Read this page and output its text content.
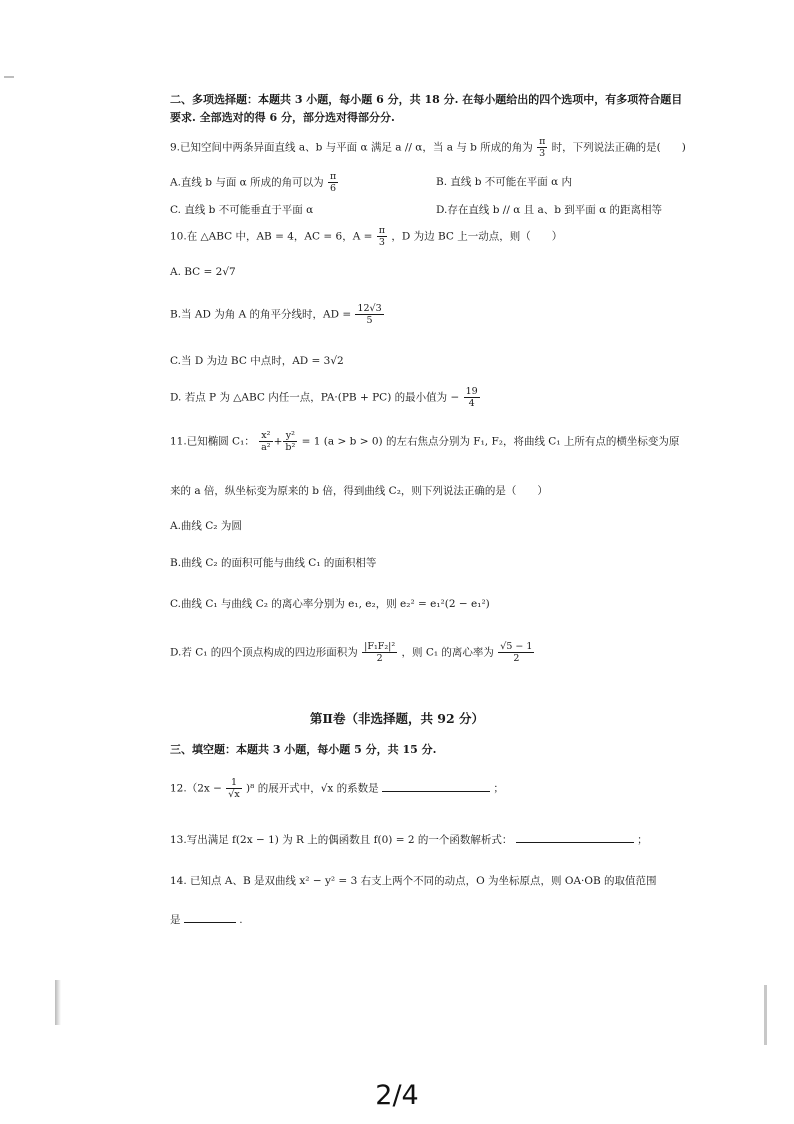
二、多项选择题：本题共 3 小题，每小题 6 分，共 18 分. 在每小题给出的四个选项中，有多项符合题目
要求. 全部选对的得 6 分，部分选对得部分分.
9.已知空间中两条异面直线 a、b 与平面 α 满足 a // α，当 a 与 b 所成的角为 $\frac{\pi}{3}$ 时，下列说法正确的是(　　)
A.直线 b 与面 α 所成的角可以为 $\frac{\pi}{6}$	B. 直线 b 不可能在平面 α 内
C. 直线 b 不可能垂直于平面 α	D.存在直线 b // α 且 a、b 到平面 α 的距离相等
10.在 △ABC 中，AB = 4，AC = 6，$A = \frac{\pi}{3}$ ，D 为边 BC 上一动点，则（　　）
A. BC = 2√7
B.当 AD 为角 A 的角平分线时，AD = $\frac{12√3}{5}$
C.当 D 为边 BC 中点时，AD = 3√2
D. 若点 P 为 △ABC 内任一点，PA·(PB + PC) 的最小值为 − $\frac{19}{4}$
11.已知椭圆 C₁： $\frac{\text{x²}}{\text{a²}} + \frac{\text{y²}}{\text{b²}} = 1$ (a > b > 0) 的左右焦点分别为 F₁, F₂，将曲线 C₁ 上所有点的横坐标变为原
来的 a 倍，纵坐标变为原来的 b 倍，得到曲线 C₂，则下列说法正确的是（　　）
A.曲线 C₂ 为圆
B.曲线 C₂ 的面积可能与曲线 C₁ 的面积相等
C.曲线 C₁ 与曲线 C₂ 的离心率分别为 e₁, e₂，则 e₂² = e₁²(2 − e₁²)
D.若 C₁ 的四个顶点构成的四边形面积为 $\frac{\text{|F₁F₂|²}}{2}$ ，则 C₁ 的离心率为 $\frac{√5 - 1}{2}$
第Ⅱ卷（非选择题，共 92 分）
三、填空题：本题共 3 小题，每小题 5 分，共 15 分.
$12.(2x - \frac{1}{√x} )^8$ 的展开式中，√x 的系数是	；
13.写出满足 f(2x − 1) 为 R 上的偶函数且 f(0) = 2 的一个函数解析式：	；
14. 已知点 A、B 是双曲线 x² − y² = 3 右支上两个不同的动点，O 为坐标原点，则 OA·OB 的取值范围
是	.
2/4
